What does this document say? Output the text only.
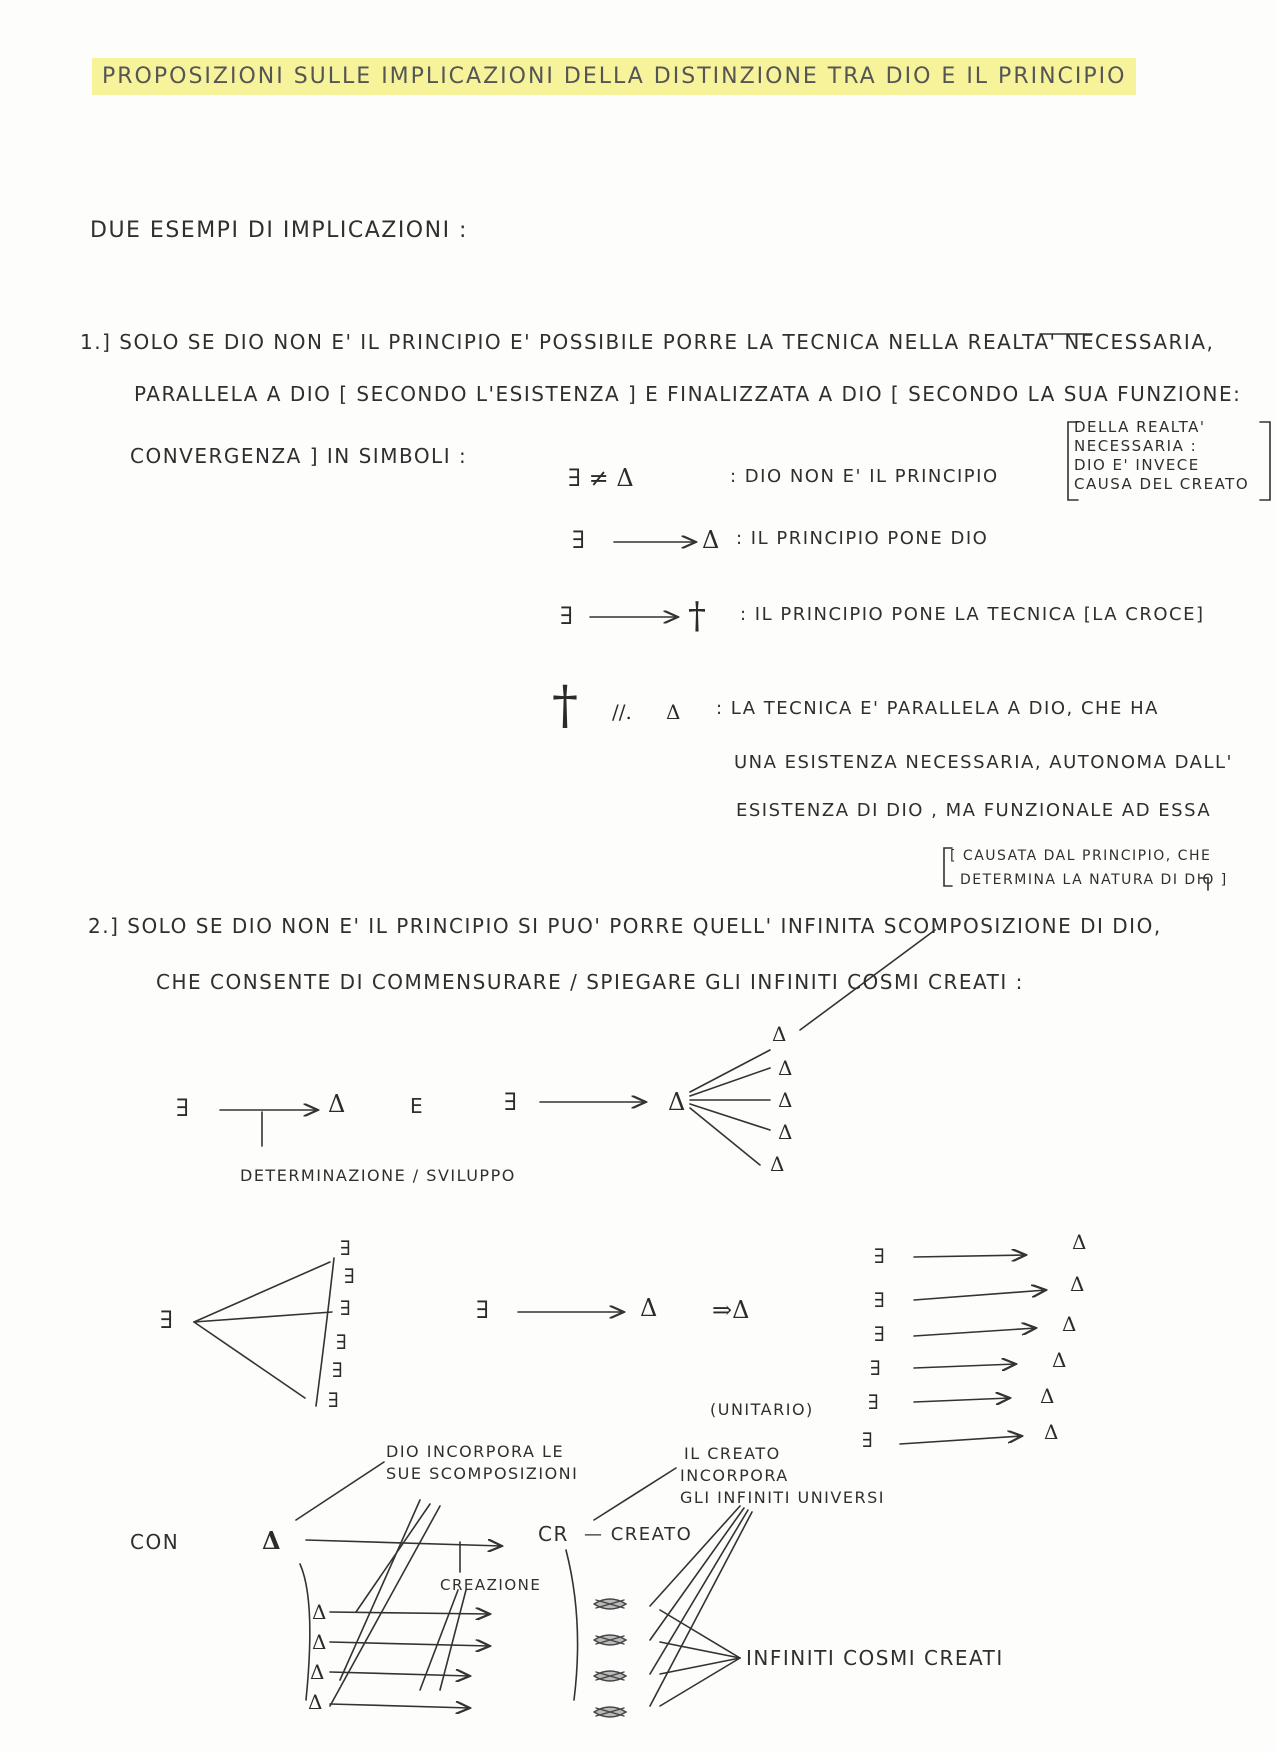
PROPOSIZIONI SULLE IMPLICAZIONI DELLA DISTINZIONE TRA DIO E IL PRINCIPIO
DUE ESEMPI DI IMPLICAZIONI :
1.] SOLO SE DIO NON E' IL PRINCIPIO E' POSSIBILE PORRE LA TECNICA NELLA REALTA' NECESSARIA,
PARALLELA A DIO [ SECONDO L'ESISTENZA ] E FINALIZZATA A DIO [ SECONDO LA SUA FUNZIONE:
CONVERGENZA ] IN SIMBOLI :
∃ ≠ Δ	: DIO NON E' IL PRINCIPIO
DELLA REALTA'
NECESSARIA :
DIO E' INVECE
CAUSA DEL CREATO
∃	Δ : IL PRINCIPIO PONE DIO
∃	† : IL PRINCIPIO PONE LA TECNICA [LA CROCE]
† //. Δ : LA TECNICA E' PARALLELA A DIO, CHE HA
UNA ESISTENZA NECESSARIA, AUTONOMA DALL'
ESISTENZA DI DIO , MA FUNZIONALE AD ESSA
[ CAUSATA DAL PRINCIPIO, CHE
DETERMINA LA NATURA DI DIO ]
2.] SOLO SE DIO NON E' IL PRINCIPIO SI PUO' PORRE QUELL' INFINITA SCOMPOSIZIONE DI DIO,
CHE CONSENTE DI COMMENSURARE / SPIEGARE GLI INFINITI COSMI CREATI :
∃	Δ	E	∃	Δ
Δ
Δ
Δ
Δ
Δ
DETERMINAZIONE / SVILUPPO
∃
∃
∃
∃
∃
∃
∃
∃	Δ ⇒Δ
∃
∃
∃
∃
∃
∃
Δ
Δ
Δ
Δ
Δ
Δ
(UNITARIO)
CON	Δ
DIO INCORPORA LE
SUE SCOMPOSIZIONI
IL CREATO
INCORPORA
GLI INFINITI UNIVERSI
CR — CREATO
CREAZIONE
Δ
Δ
Δ
Δ
INFINITI COSMI CREATI
